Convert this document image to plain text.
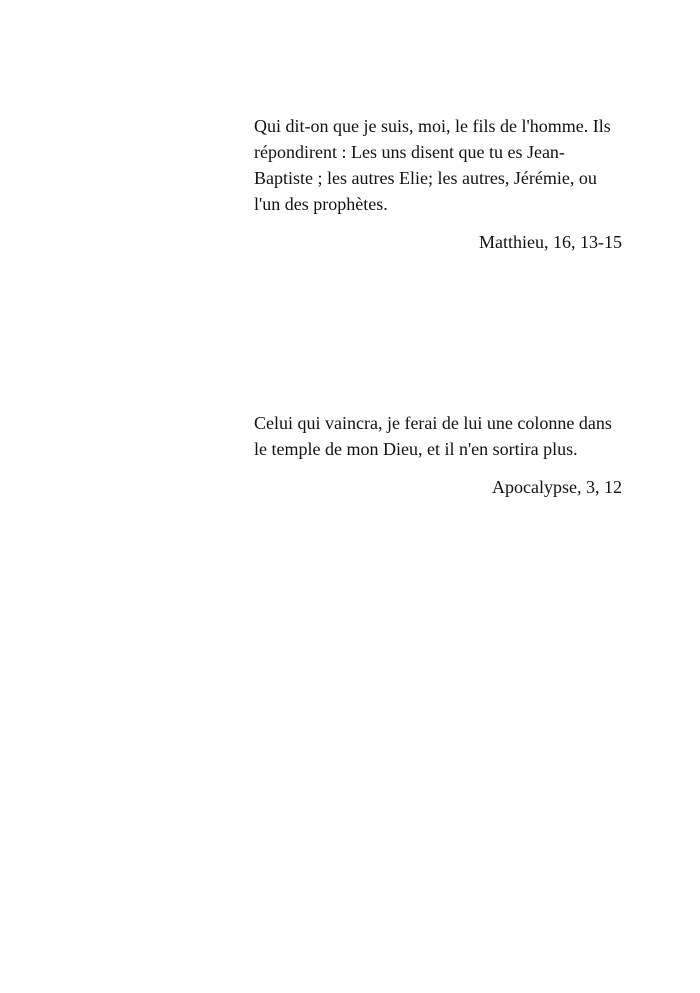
Qui dit-on que je suis, moi, le fils de l'homme. Ils répondirent : Les uns disent que tu es Jean-Baptiste ; les autres Elie; les autres, Jérémie, ou l'un des prophètes.

Matthieu, 16, 13-15

Celui qui vaincra, je ferai de lui une colonne dans le temple de mon Dieu, et il n'en sortira plus.

Apocalypse, 3, 12
